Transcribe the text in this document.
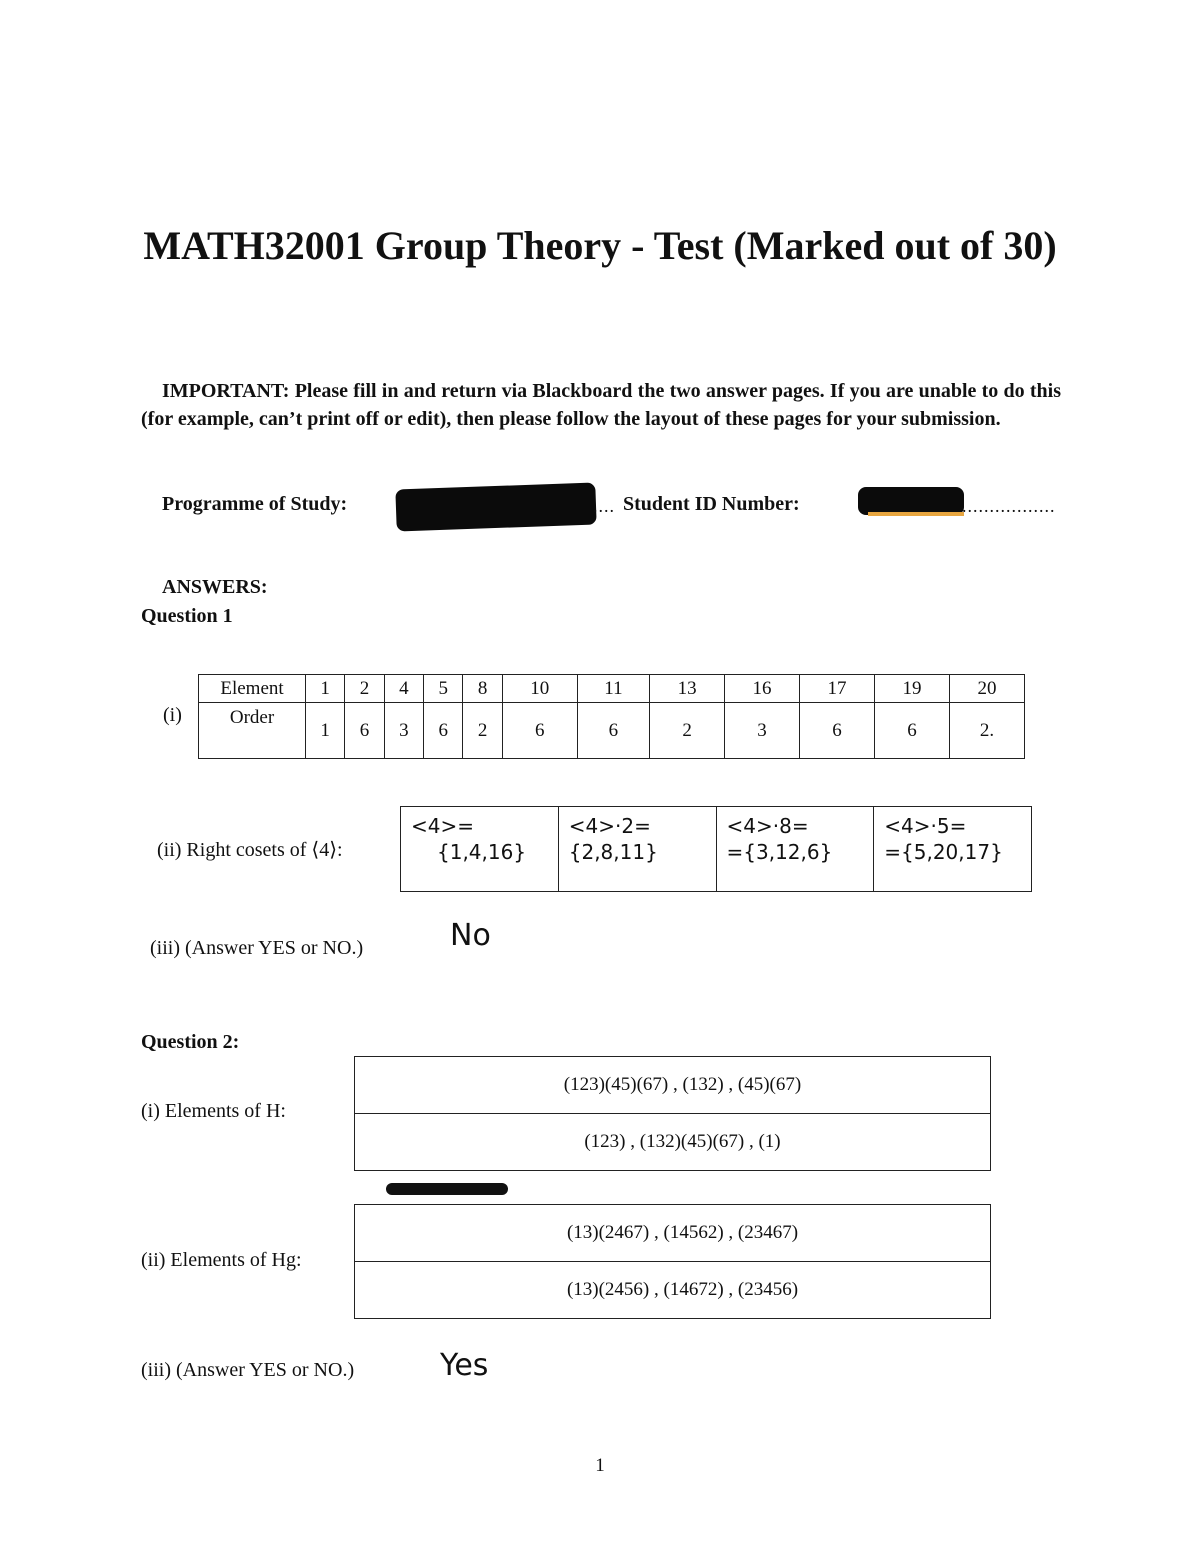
MATH32001 Group Theory - Test (Marked out of 30)
IMPORTANT: Please fill in and return via Blackboard the two answer pages. If you are unable to do this (for example, can’t print off or edit), then please follow the layout of these pages for your submission.
Programme of Study:	.... Student ID Number:	.................
ANSWERS:
Question 1
(i)
Element	1	2	4	5	8	10	11	13	16	17	19	20
Order	1	6	3	6	2	6	6	2	3	6	6	2.
(ii) Right cosets of ⟨4⟩:
<4>=
{1,4,16}

<4>·2=
{2,8,11}

<4>·8=
={3,12,6}

<4>·5=
={5,20,17}
(iii) (Answer YES or NO.)	No
Question 2:
(i) Elements of H:
(123)(45)(67) , (132) , (45)(67)
(123) , (132)(45)(67) , (1)
(ii) Elements of Hg:
(13)(2467) , (14562) , (23467)
(13)(2456) , (14672) , (23456)
(iii) (Answer YES or NO.)	Yes
1
